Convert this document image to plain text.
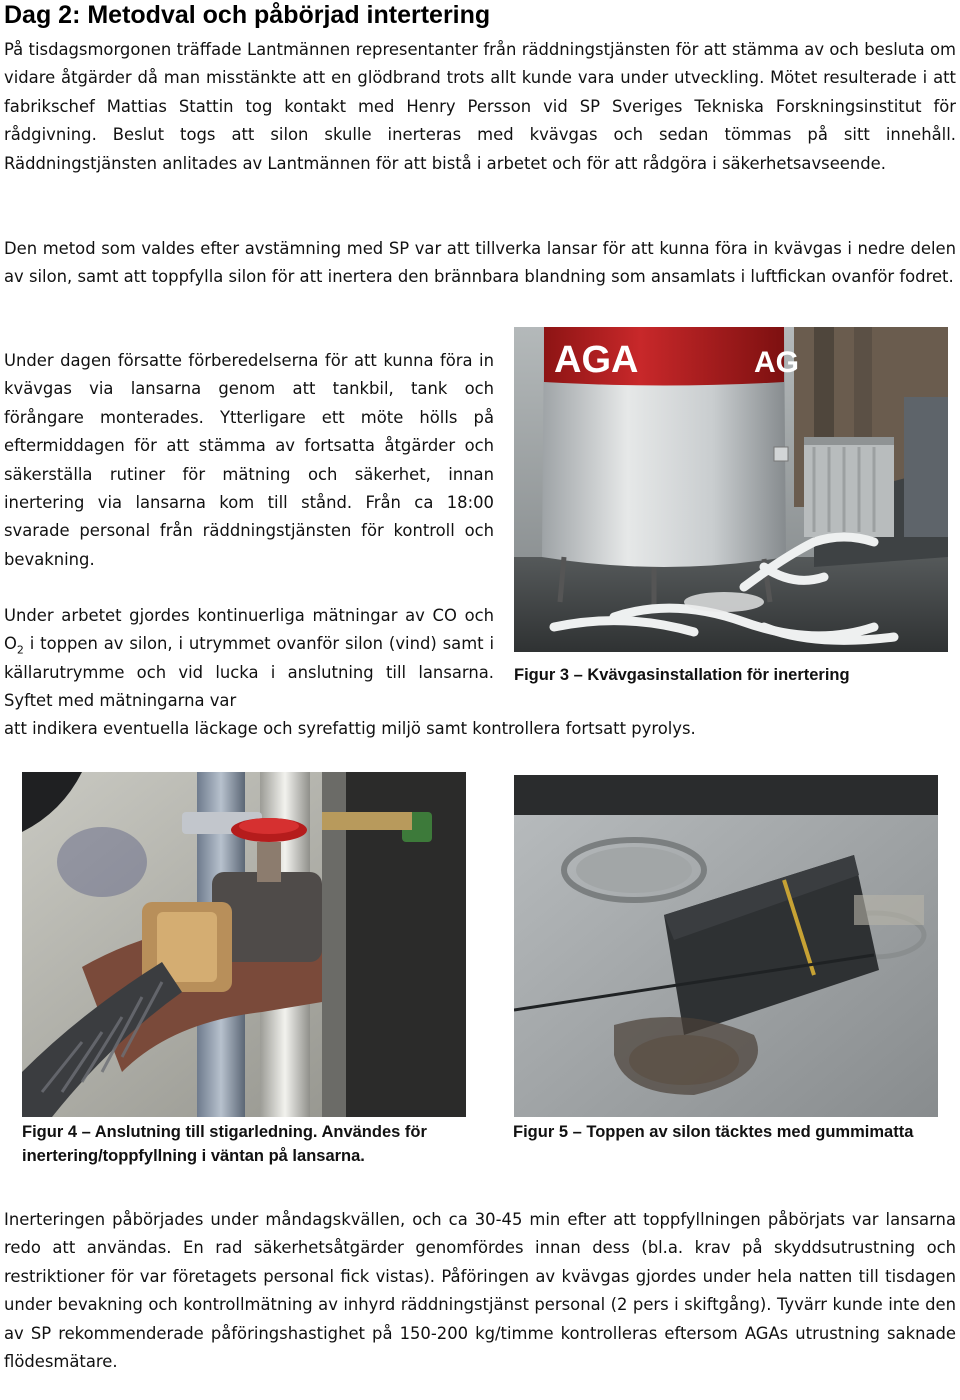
Dag 2: Metodval och påbörjad intertering

På tisdagsmorgonen träffade Lantmännen representanter från räddningstjänsten för att stämma av och besluta om vidare åtgärder då man misstänkte att en glödbrand trots allt kunde vara under utveckling. Mötet resulterade i att fabrikschef Mattias Stattin tog kontakt med Henry Persson vid SP Sveriges Tekniska Forskningsinstitut för rådgivning. Beslut togs att silon skulle inerteras med kvävgas och sedan tömmas på sitt innehåll. Räddningstjänsten anlitades av Lantmännen för att bistå i arbetet och för att rådgöra i säkerhetsavseende.

Den metod som valdes efter avstämning med SP var att tillverka lansar för att kunna föra in kvävgas i nedre delen av silon, samt att toppfylla silon för att inertera den brännbara blandning som ansamlats i luftfickan ovanför fodret.

Under dagen försatte förberedelserna för att kunna föra in kvävgas via lansarna genom att tankbil, tank och förångare monterades. Ytterligare ett möte hölls på eftermiddagen för att stämma av fortsatta åtgärder och säkerställa rutiner för mätning och säkerhet, innan inertering via lansarna kom till stånd. Från ca 18:00 svarade personal från räddningstjänsten för kontroll och bevakning.

Under arbetet gjordes kontinuerliga mätningar av CO och $O_2$ i toppen av silon, i utrymmet ovanför silon (vind) samt i källarutrymme och vid lucka i anslutning till lansarna. Syftet med mätningarna var

att indikera eventuella läckage och syrefattig miljö samt kontrollera fortsatt pyrolys.

AGA	AG

Figur 3 – Kvävgasinstallation för inertering

Figur 4 – Anslutning till stigarledning. Användes för inertering/toppfyllning i väntan på lansarna.

Figur 5 – Toppen av silon täcktes med gummimatta

Inerteringen påbörjades under måndagskvällen, och ca 30-45 min efter att toppfyllningen påbörjats var lansarna redo att användas. En rad säkerhetsåtgärder genomfördes innan dess (bl.a. krav på skyddsutrustning och restriktioner för var företagets personal fick vistas). Påföringen av kvävgas gjordes under hela natten till tisdagen under bevakning och kontrollmätning av inhyrd räddningstjänst personal (2 pers i skiftgång). Tyvärr kunde inte den av SP rekommenderade påföringshastighet på 150-200 kg/timme kontrolleras eftersom AGAs utrustning saknade flödesmätare.
